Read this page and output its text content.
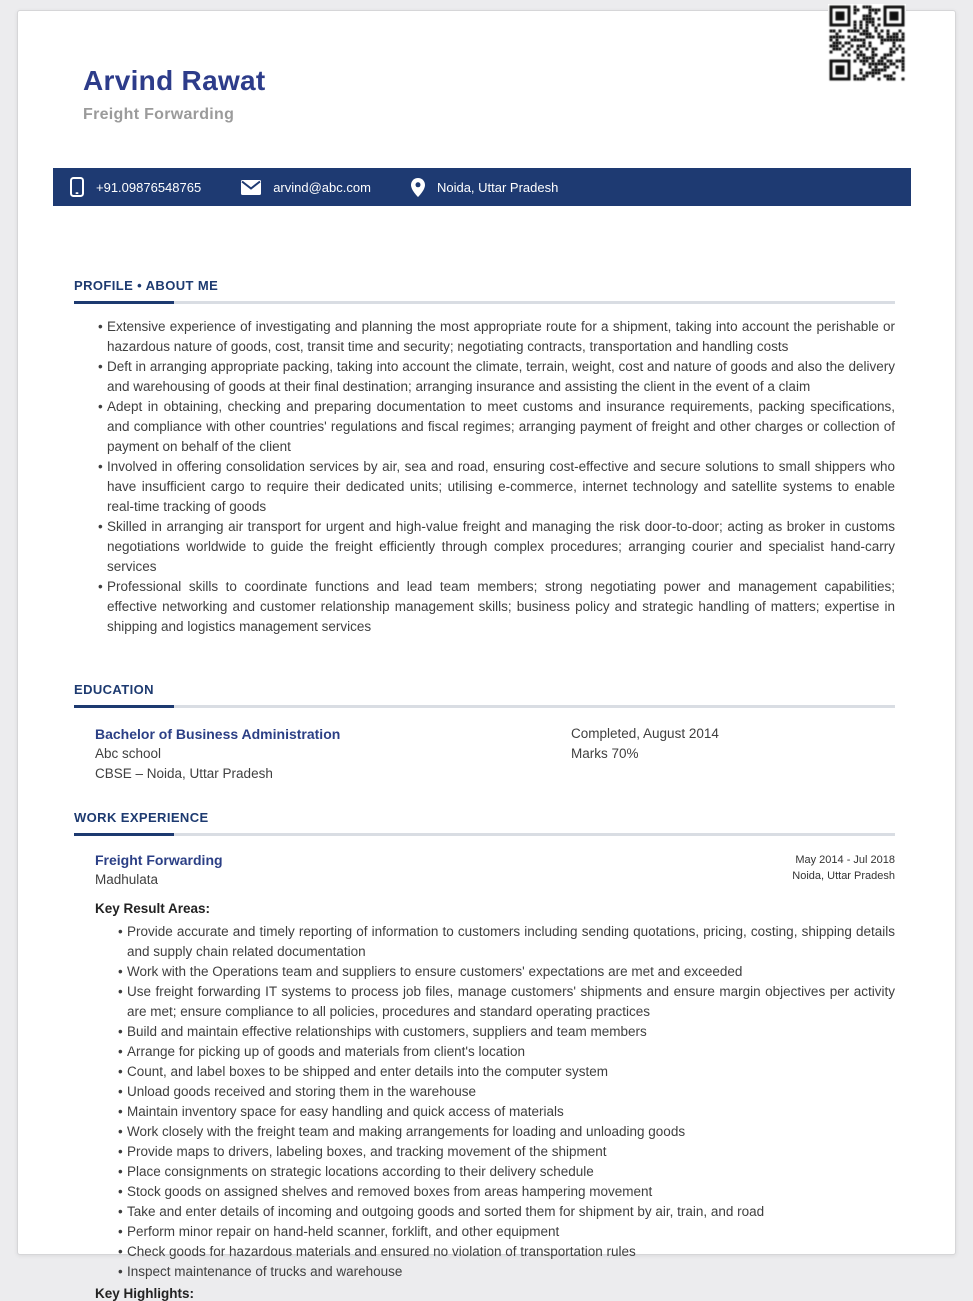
Arvind Rawat
Freight Forwarding
+91.09876548765	arvind@abc.com	Noida, Uttar Pradesh
PROFILE • ABOUT ME
• Extensive experience of investigating and planning the most appropriate route for a shipment, taking into account the perishable or hazardous nature of goods, cost, transit time and security; negotiating contracts, transportation and handling costs
• Deft in arranging appropriate packing, taking into account the climate, terrain, weight, cost and nature of goods and also the delivery and warehousing of goods at their final destination; arranging insurance and assisting the client in the event of a claim
• Adept in obtaining, checking and preparing documentation to meet customs and insurance requirements, packing specifications, and compliance with other countries' regulations and fiscal regimes; arranging payment of freight and other charges or collection of payment on behalf of the client
• Involved in offering consolidation services by air, sea and road, ensuring cost-effective and secure solutions to small shippers who have insufficient cargo to require their dedicated units; utilising e-commerce, internet technology and satellite systems to enable real-time tracking of goods
• Skilled in arranging air transport for urgent and high-value freight and managing the risk door-to-door; acting as broker in customs negotiations worldwide to guide the freight efficiently through complex procedures; arranging courier and specialist hand-carry services
• Professional skills to coordinate functions and lead team members; strong negotiating power and management capabilities; effective networking and customer relationship management skills; business policy and strategic handling of matters; expertise in shipping and logistics management services
EDUCATION
Bachelor of Business Administration
Abc school
CBSE – Noida, Uttar Pradesh
Completed, August 2014
Marks 70%
WORK EXPERIENCE
Freight Forwarding
Madhulata
May 2014 - Jul 2018
Noida, Uttar Pradesh
Key Result Areas:
• Provide accurate and timely reporting of information to customers including sending quotations, pricing, costing, shipping details and supply chain related documentation
• Work with the Operations team and suppliers to ensure customers' expectations are met and exceeded
• Use freight forwarding IT systems to process job files, manage customers' shipments and ensure margin objectives per activity are met; ensure compliance to all policies, procedures and standard operating practices
• Build and maintain effective relationships with customers, suppliers and team members
• Arrange for picking up of goods and materials from client's location
• Count, and label boxes to be shipped and enter details into the computer system
• Unload goods received and storing them in the warehouse
• Maintain inventory space for easy handling and quick access of materials
• Work closely with the freight team and making arrangements for loading and unloading goods
• Provide maps to drivers, labeling boxes, and tracking movement of the shipment
• Place consignments on strategic locations according to their delivery schedule
• Stock goods on assigned shelves and removed boxes from areas hampering movement
• Take and enter details of incoming and outgoing goods and sorted them for shipment by air, train, and road
• Perform minor repair on hand-held scanner, forklift, and other equipment
• Check goods for hazardous materials and ensured no violation of transportation rules
• Inspect maintenance of trucks and warehouse
Key Highlights:
